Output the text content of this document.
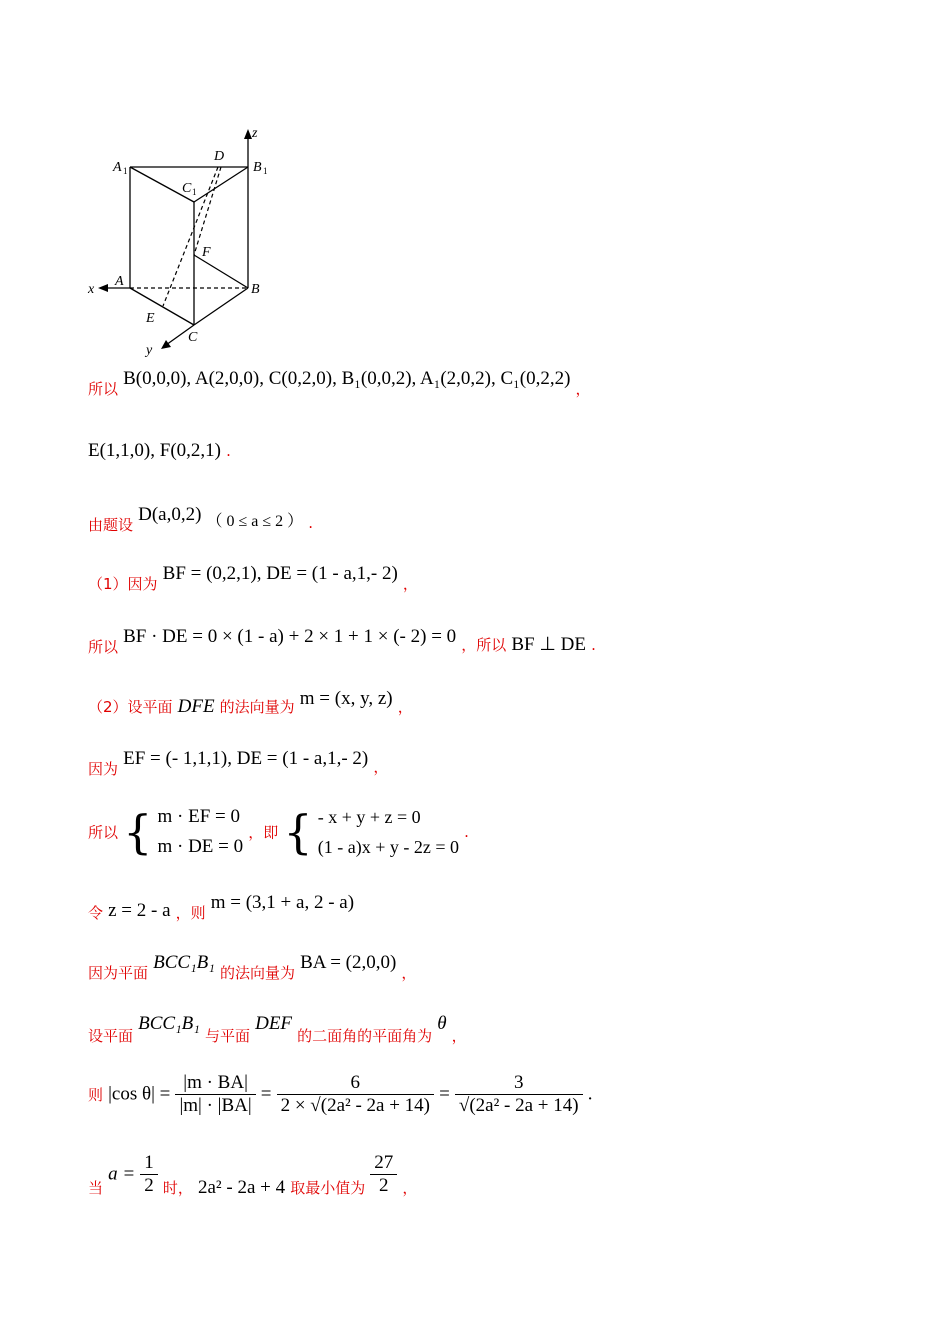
z
D
A 1	B 1
C 1
F
x
A
B
E
C
y
所以 B(0,0,0), A(2,0,0), C(0,2,0), B₁(0,0,2), A₁(2,0,2), C₁(0,2,2) ，
E(1,1,0), F(0,2,1) .
由题设 D(a,0,2) （ 0 ≤ a ≤ 2 ） .
（1）因为 BF = (0,2,1), DE = (1 - a,1,- 2) ，
所以 BF · DE = 0 × (1 - a) + 2 × 1 + 1 × (- 2) = 0 ，所以 BF ⊥ DE .
（2）设平面 DFE 的法向量为 m = (x, y, z) ，
因为 EF = (- 1,1,1), DE = (1 - a,1,- 2) ，
所以 { m · EF = 0
m · DE = 0
，即 { - x + y + z = 0
(1 - a)x + y - 2z = 0
.
令 z = 2 - a ，则 m = (3,1 + a, 2 - a)
因为平面 BCC₁B₁ 的法向量为 BA = (2,0,0) ，
设平面 BCC₁B₁ 与平面 DEF 的二面角的平面角为 θ ，
则 |cos $\theta| = \frac{|m \cdot BA|}{|m| \cdot |BA|} = \frac{6}{\text{2 × √(2a² - 2a + 14)}} = \frac{3}{\text{√(2a² - 2a + 14)}}$ .
当 $a = \frac{1}{2}$ 时， 2a² - 2a + 4 取最小值为 $\frac{27}{2}$ ，
